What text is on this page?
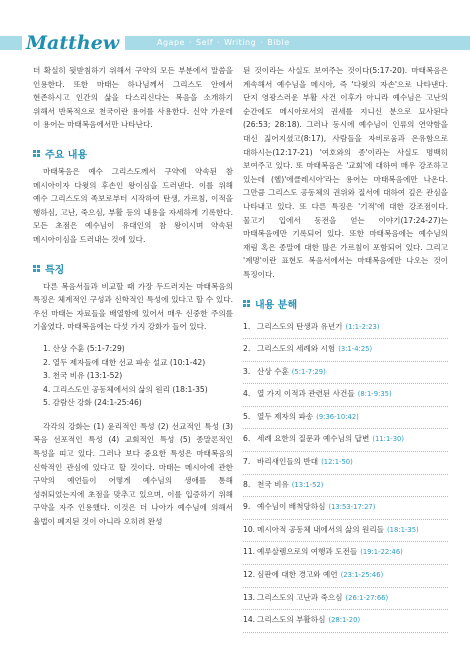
Matthew	Agape · Self · Writing · Bible

더 확실히 뒷받침하기 위해서 구약의 모든 부분에서 말씀을 인용한다. 또한 마태는 하나님께서 그리스도 안에서 현존하시고 인간의 삶을 다스리신다는 복음을 소개하기 위해서 반복적으로 천국이란 용어를 사용한다. 신약 가운데 이 용어는 마태복음에서만 나타난다.

주요 내용

마태복음은 예수 그리스도께서 구약에 약속된 참 메시아이자 다윗의 후손인 왕이심을 드러낸다. 이를 위해 예수 그리스도의 족보로부터 시작하여 탄생, 가르침, 이적을 행하심, 고난, 죽으심, 부활 등의 내용을 자세하게 기록한다. 모든 초점은 예수님이 유대인의 참 왕이시며 약속된 메시아이심을 드러내는 것에 있다.

특징

다른 복음서들과 비교할 때 가장 두드러지는 마태복음의 특징은 체계적인 구성과 신학적인 특성에 있다고 할 수 있다. 우선 마태는 자료들을 배열함에 있어서 매우 신중한 주의를 기울였다. 마태복음에는 다섯 가지 강화가 들어 있다.

1. 산상 수훈 (5:1-7:29)
2. 열두 제자들에 대한 선교 파송 설교 (10:1-42)
3. 천국 비유 (13:1-52)
4. 그리스도인 공동체에서의 삶의 원리 (18:1-35)
5. 감람산 강화 (24:1-25:46)

각각의 강화는 (1) 윤리적인 특성 (2) 선교적인 특성 (3) 복음 선포적인 특성 (4) 교회적인 특성 (5) 종말론적인 특성을 띠고 있다. 그러나 보다 중요한 특성은 마태복음의 신학적인 관심에 있다고 할 것이다. 마태는 메시아에 관한 구약의 예언들이 어떻게 예수님의 생애를 통해 성취되었는지에 초점을 맞추고 있으며, 이를 입증하기 위해 구약을 자주 인용했다. 이것은 더 나아가 예수님에 의해서 율법이 폐지된 것이 아니라 오히려 완성

된 것이라는 사실도 보여주는 것이다(5:17-20). 마태복음은 계속해서 예수님을 메시아, 즉 '다윗의 자손'으로 나타낸다. 단지 영광스러운 부활 사건 이후가 아니라 예수님은 고난의 순간에도 메시아로서의 권세를 지니신 분으로 묘사된다(26:53; 28:18). 그러나 동시에 예수님이 인류의 연약함을 대신 짊어지셨고(8:17), 사람들을 자비로움과 온유함으로 대하시는(12:17-21) '여호와의 종'이라는 사실도 명백히 보여주고 있다. 또 마태복음은 '교회'에 대하여 매우 강조하고 있는데 (헬)'에클레시아'라는 용어는 마태복음에만 나온다. 그만큼 그리스도 공동체의 권위와 질서에 대하여 깊은 관심을 나타내고 있다. 또 다른 특징은 '기적'에 대한 강조점이다. 물고기 입에서 동전을 얻는 이야기(17:24-27)는 마태복음에만 기록되어 있다. 또한 마태복음에는 예수님의 재림 혹은 종말에 대한 많은 가르침이 포함되어 있다. 그리고 '계명'이란 표현도 복음서에서는 마태복음에만 나오는 것이 특징이다.

내용 분해
1. 그리스도의 탄생과 유년기 (1:1-2:23)
2. 그리스도의 세례와 시험 (3:1-4:25)
3. 산상 수훈 (5:1-7:29)
4. 열 가지 이적과 관련된 사건들 (8:1-9:35)
5. 열두 제자의 파송 (9:36-10:42)
6. 세례 요한의 질문과 예수님의 답변 (11:1-30)
7. 바리새인들의 반대 (12:1-50)
8. 천국 비유 (13:1-52)
9. 예수님이 배척당하심 (13:53-17:27)
10. 메시아적 공동체 내에서의 삶의 원리들 (18:1-35)
11. 예루살렘으로의 여행과 도전들 (19:1-22:46)
12. 심판에 대한 경고와 예언 (23:1-25:46)
13. 그리스도의 고난과 죽으심 (26:1-27:66)
14. 그리스도의 부활하심 (28:1-20)
